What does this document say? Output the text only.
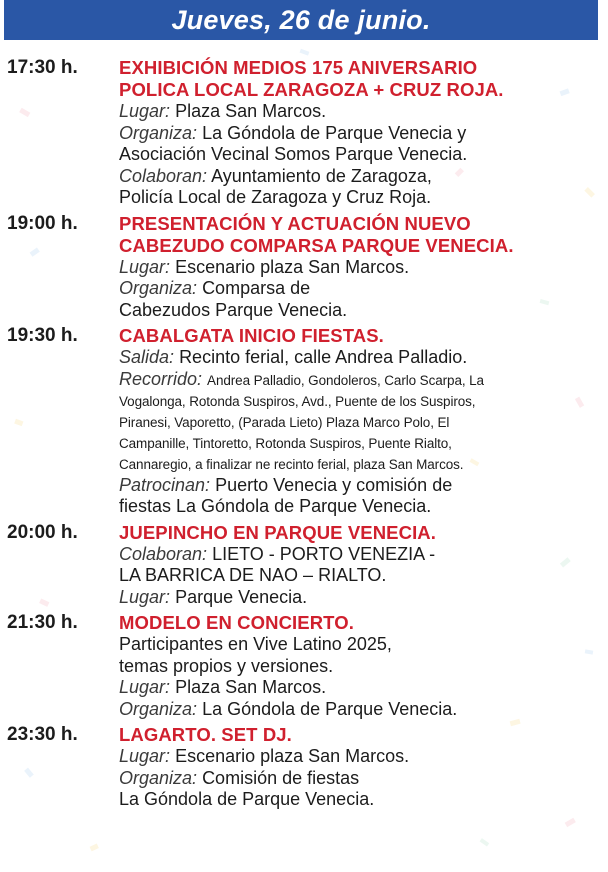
Jueves, 26 de junio.
17:30 h.	EXHIBICIÓN MEDIOS 175 ANIVERSARIO
POLICA LOCAL ZARAGOZA + CRUZ ROJA.
Lugar: Plaza San Marcos.
Organiza: La Góndola de Parque Venecia y
Asociación Vecinal Somos Parque Venecia.
Colaboran: Ayuntamiento de Zaragoza,
Policía Local de Zaragoza y Cruz Roja.
19:00 h.	PRESENTACIÓN Y ACTUACIÓN NUEVO
CABEZUDO COMPARSA PARQUE VENECIA.
Lugar: Escenario plaza San Marcos.
Organiza: Comparsa de
Cabezudos Parque Venecia.
19:30 h.	CABALGATA INICIO FIESTAS.
Salida: Recinto ferial, calle Andrea Palladio.
Recorrido: Andrea Palladio, Gondoleros, Carlo Scarpa, La
Vogalonga, Rotonda Suspiros, Avd., Puente de los Suspiros,
Piranesi, Vaporetto, (Parada Lieto) Plaza Marco Polo, El
Campanille, Tintoretto, Rotonda Suspiros, Puente Rialto,
Cannaregio, a finalizar ne recinto ferial, plaza San Marcos.
Patrocinan: Puerto Venecia y comisión de
fiestas La Góndola de Parque Venecia.
20:00 h.	JUEPINCHO EN PARQUE VENECIA.
Colaboran: LIETO - PORTO VENEZIA -
LA BARRICA DE NAO – RIALTO.
Lugar: Parque Venecia.
21:30 h.	MODELO EN CONCIERTO.
Participantes en Vive Latino 2025,
temas propios y versiones.
Lugar: Plaza San Marcos.
Organiza: La Góndola de Parque Venecia.
23:30 h.	LAGARTO. SET DJ.
Lugar: Escenario plaza San Marcos.
Organiza: Comisión de fiestas
La Góndola de Parque Venecia.
